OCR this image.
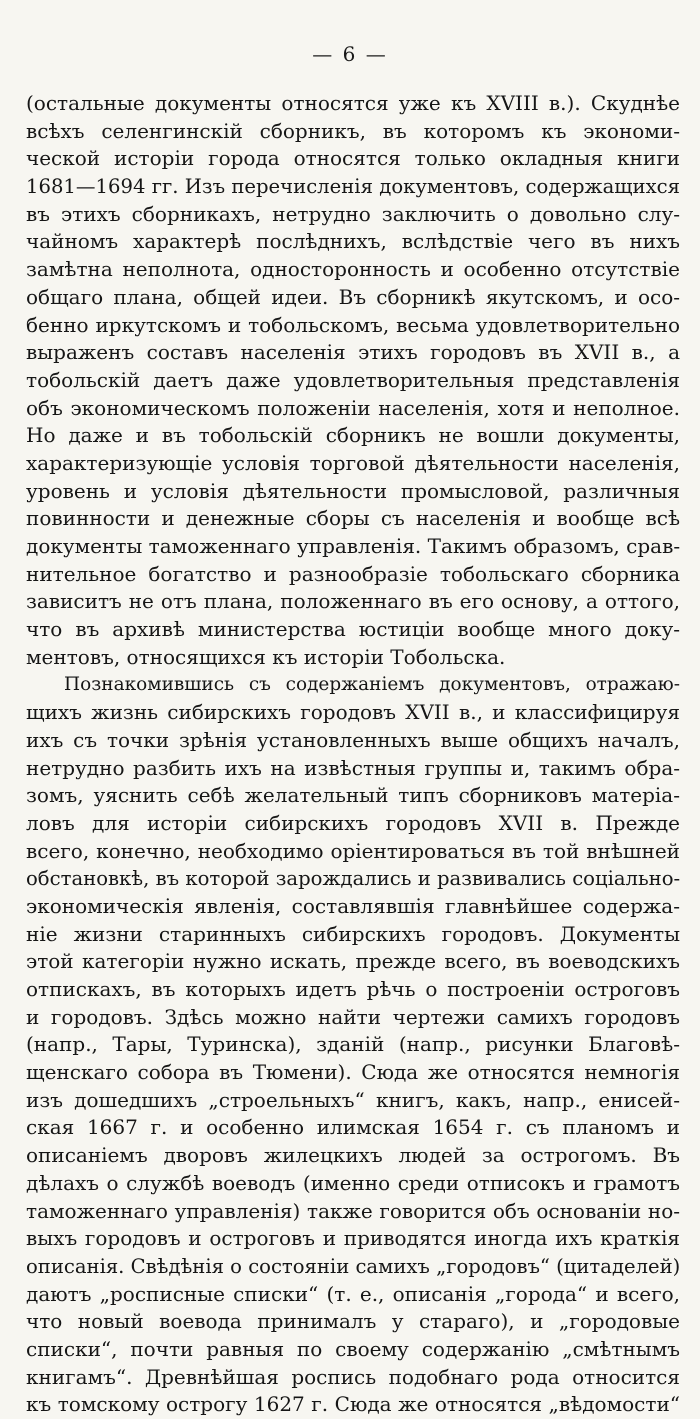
— 6 —
(остальные документы относятся уже къ XVIII в.). Скуднѣе
всѣхъ селенгинскій сборникъ, въ которомъ къ экономи-
ческой исторіи города относятся только окладныя книги
1681—1694 гг. Изъ перечисленія документовъ, содержащихся
въ этихъ сборникахъ, нетрудно заключить о довольно слу-
чайномъ характерѣ послѣднихъ, вслѣдствіе чего въ нихъ
замѣтна неполнота, односторонность и особенно отсутствіе
общаго плана, общей идеи. Въ сборникѣ якутскомъ, и осо-
бенно иркутскомъ и тобольскомъ, весьма удовлетворительно
выраженъ составъ населенія этихъ городовъ въ XVII в., а
тобольскій даетъ даже удовлетворительныя представленія
объ экономическомъ положеніи населенія, хотя и неполное.
Но даже и въ тобольскій сборникъ не вошли документы,
характеризующіе условія торговой дѣятельности населенія,
уровень и условія дѣятельности промысловой, различныя
повинности и денежные сборы съ населенія и вообще всѣ
документы таможеннаго управленія. Такимъ образомъ, срав-
нительное богатство и разнообразіе тобольскаго сборника
зависитъ не отъ плана, положеннаго въ его основу, а оттого,
что въ архивѣ министерства юстиціи вообще много доку-
ментовъ, относящихся къ исторіи Тобольска.
Познакомившись съ содержаніемъ документовъ, отражаю-
щихъ жизнь сибирскихъ городовъ XVII в., и классифицируя
ихъ съ точки зрѣнія установленныхъ выше общихъ началъ,
нетрудно разбить ихъ на извѣстныя группы и, такимъ обра-
зомъ, уяснить себѣ желательный типъ сборниковъ матеріа-
ловъ для исторіи сибирскихъ городовъ XVII в. Прежде
всего, конечно, необходимо оріентироваться въ той внѣшней
обстановкѣ, въ которой зарождались и развивались соціально-
экономическія явленія, составлявшія главнѣйшее содержа-
ніе жизни старинныхъ сибирскихъ городовъ. Документы
этой категоріи нужно искать, прежде всего, въ воеводскихъ
отпискахъ, въ которыхъ идетъ рѣчь о построеніи остроговъ
и городовъ. Здѣсь можно найти чертежи самихъ городовъ
(напр., Тары, Туринска), зданій (напр., рисунки Благовѣ-
щенскаго собора въ Тюмени). Сюда же относятся немногія
изъ дошедшихъ „строельныхъ“ книгъ, какъ, напр., енисей-
ская 1667 г. и особенно илимская 1654 г. съ планомъ и
описаніемъ дворовъ жилецкихъ людей за острогомъ. Въ
дѣлахъ о службѣ воеводъ (именно среди отписокъ и грамотъ
таможеннаго управленія) также говорится объ основаніи но-
выхъ городовъ и остроговъ и приводятся иногда ихъ краткія
описанія. Свѣдѣнія о состояніи самихъ „городовъ“ (цитаделей)
даютъ „росписные списки“ (т. е., описанія „города“ и всего,
что новый воевода принималъ у стараго), и „городовые
списки“, почти равныя по своему содержанію „смѣтнымъ
книгамъ“. Древнѣйшая роспись подобнаго рода относится
къ томскому острогу 1627 г. Сюда же относятся „вѣдомости“
